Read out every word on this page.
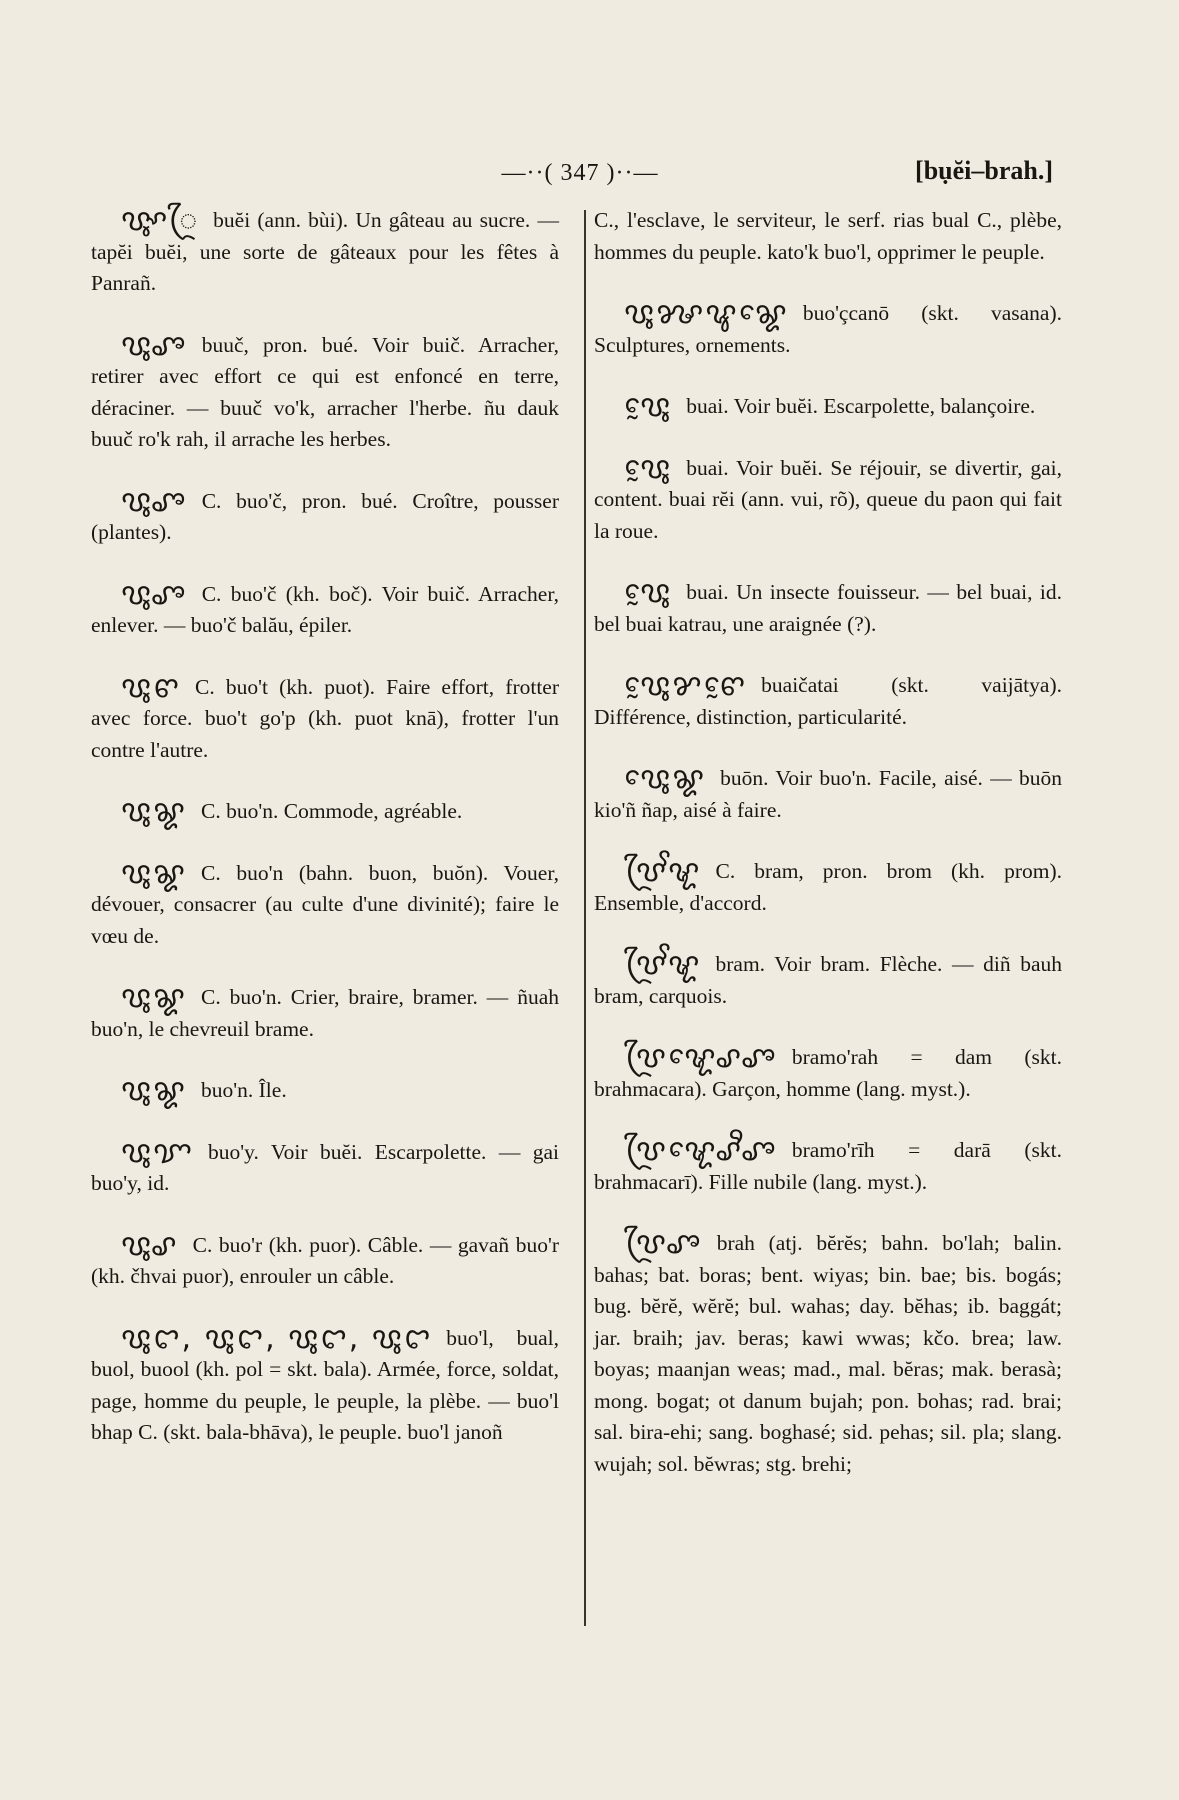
—··( 347 )··—	[bụĕi–brah.]
ꨝꨶꨳꨴ buĕi (ann. bùi). Un gâteau au sucre. — tapĕi buĕi, une sorte de gâteaux pour les fêtes à Panrañ.
ꨝꨶꨨ buuč, pron. bué. Voir buič. Arracher, retirer avec effort ce qui est enfoncé en terre, déraciner. — buuč vo'k, arracher l'herbe. ñu dauk buuč ro'k rah, il arrache les herbes.
ꨝꨶꨨ C. buo'č, pron. bué. Croître, pousser (plantes).
ꨝꨶꨨ C. buo'č (kh. boč). Voir buič. Arracher, enlever. — buo'č balău, épiler.
ꨝꨶꨓ C. buo't (kh. puot). Faire effort, frotter avec force. buo't go'p (kh. puot knā), frotter l'un contre l'autre.
ꨝꨶꨘ C. buo'n. Commode, agréable.
ꨝꨶꨘ C. buo'n (bahn. buon, buŏn). Vouer, dévouer, consacrer (au culte d'une divinité); faire le vœu de.
ꨝꨶꨘ C. buo'n. Crier, braire, bramer. — ñuah buo'n, le chevreuil brame.
ꨝꨶꨘ buo'n. Île.
ꨝꨶꨢ buo'y. Voir buĕi. Escarpolette. — gai buo'y, id.
ꨝꨶꨣ C. buo'r (kh. puor). Câble. — gavañ buo'r (kh. čhvai puor), enrouler un câble.
ꨝꨶꨤ, ꨝꨶꨤ, ꨝꨶꨤ, ꨝꨶꨤ buo'l, bual, buol, buool (kh. pol = skt. bala). Armée, force, soldat, page, homme du peuple, le peuple, la plèbe. — buo'l bhap C. (skt. bala-bhāva), le peuple. buo'l janoñ
C., l'esclave, le serviteur, le serf. rias bual C., plèbe, hommes du peuple. kato'k buo'l, opprimer le peuple.
ꨝꨶꨍꨥꨘꨯ buo'çcanō (skt. vasana). Sculptures, ornements.
ꨝꨶꨰ buai. Voir buĕi. Escarpolette, balançoire.
ꨝꨶꨰ buai. Voir buĕi. Se réjouir, se divertir, gai, content. buai rĕi (ann. vui, rõ), queue du paon qui fait la roue.
ꨝꨶꨰ buai. Un insecte fouisseur. — bel buai, id. bel buai katrau, une araignée (?).
ꨝꨶꨰꨌꨓꨰ buaičatai (skt. vaijātya). Différence, distinction, particularité.
ꨝꨶꨯꨘ buōn. Voir buo'n. Facile, aisé. — buōn kio'ñ ñap, aisé à faire.
ꨝꨴꨩꨠ C. bram, pron. brom (kh. prom). Ensemble, d'accord.
ꨝꨴꨩꨠ bram. Voir bram. Flèche. — diñ bauh bram, carquois.
ꨝꨴꨠꨯꨣꨨ bramo'rah = dam (skt. brahmacara). Garçon, homme (lang. myst.).
ꨝꨴꨠꨯꨣꨪꨨ bramo'rīh = darā (skt. brahmacarī). Fille nubile (lang. myst.).
ꨝꨴꨨ brah (atj. bĕrĕs; bahn. bo'lah; balin. bahas; bat. boras; bent. wiyas; bin. bae; bis. bogás; bug. bĕrĕ, wĕrĕ; bul. wahas; day. bĕhas; ib. baggát; jar. braih; jav. beras; kawi wwas; kčo. brea; law. boyas; maanjan weas; mad., mal. bĕras; mak. berasà; mong. bogat; ot danum bujah; pon. bohas; rad. brai; sal. bira-ehi; sang. boghasé; sid. pehas; sil. pla; slang. wujah; sol. bĕwras; stg. brehi;
